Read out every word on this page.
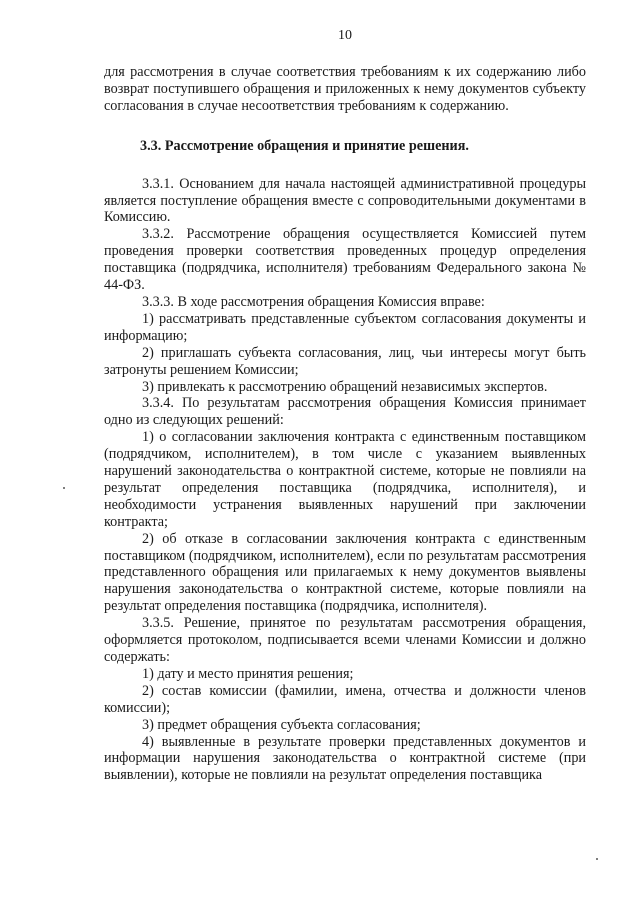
10

для рассмотрения в случае соответствия требованиям к их содержанию либо возврат поступившего обращения и приложенных к нему документов субъекту согласования в случае несоответствия требованиям к содержанию.

3.3. Рассмотрение обращения и принятие решения.

3.3.1. Основанием для начала настоящей административной процедуры является поступление обращения вместе с сопроводительными документами в Комиссию.

3.3.2. Рассмотрение обращения осуществляется Комиссией путем проведения проверки соответствия проведенных процедур определения поставщика (подрядчика, исполнителя) требованиям Федерального закона № 44-ФЗ.

3.3.3. В ходе рассмотрения обращения Комиссия вправе:

1) рассматривать представленные субъектом согласования документы и информацию;

2) приглашать субъекта согласования, лиц, чьи интересы могут быть затронуты решением Комиссии;

3) привлекать к рассмотрению обращений независимых экспертов.

3.3.4. По результатам рассмотрения обращения Комиссия принимает одно из следующих решений:

1) о согласовании заключения контракта с единственным поставщиком (подрядчиком, исполнителем), в том числе с указанием выявленных нарушений законодательства о контрактной системе, которые не повлияли на результат определения поставщика (подрядчика, исполнителя), и необходимости устранения выявленных нарушений при заключении контракта;

2) об отказе в согласовании заключения контракта с единственным поставщиком (подрядчиком, исполнителем), если по результатам рассмотрения представленного обращения или прилагаемых к нему документов выявлены нарушения законодательства о контрактной системе, которые повлияли на результат определения поставщика (подрядчика, исполнителя).

3.3.5. Решение, принятое по результатам рассмотрения обращения, оформляется протоколом, подписывается всеми членами Комиссии и должно содержать:

1) дату и место принятия решения;

2) состав комиссии (фамилии, имена, отчества и должности членов комиссии);

3) предмет обращения субъекта согласования;

4) выявленные в результате проверки представленных документов и информации нарушения законодательства о контрактной системе (при выявлении), которые не повлияли на результат определения поставщика
